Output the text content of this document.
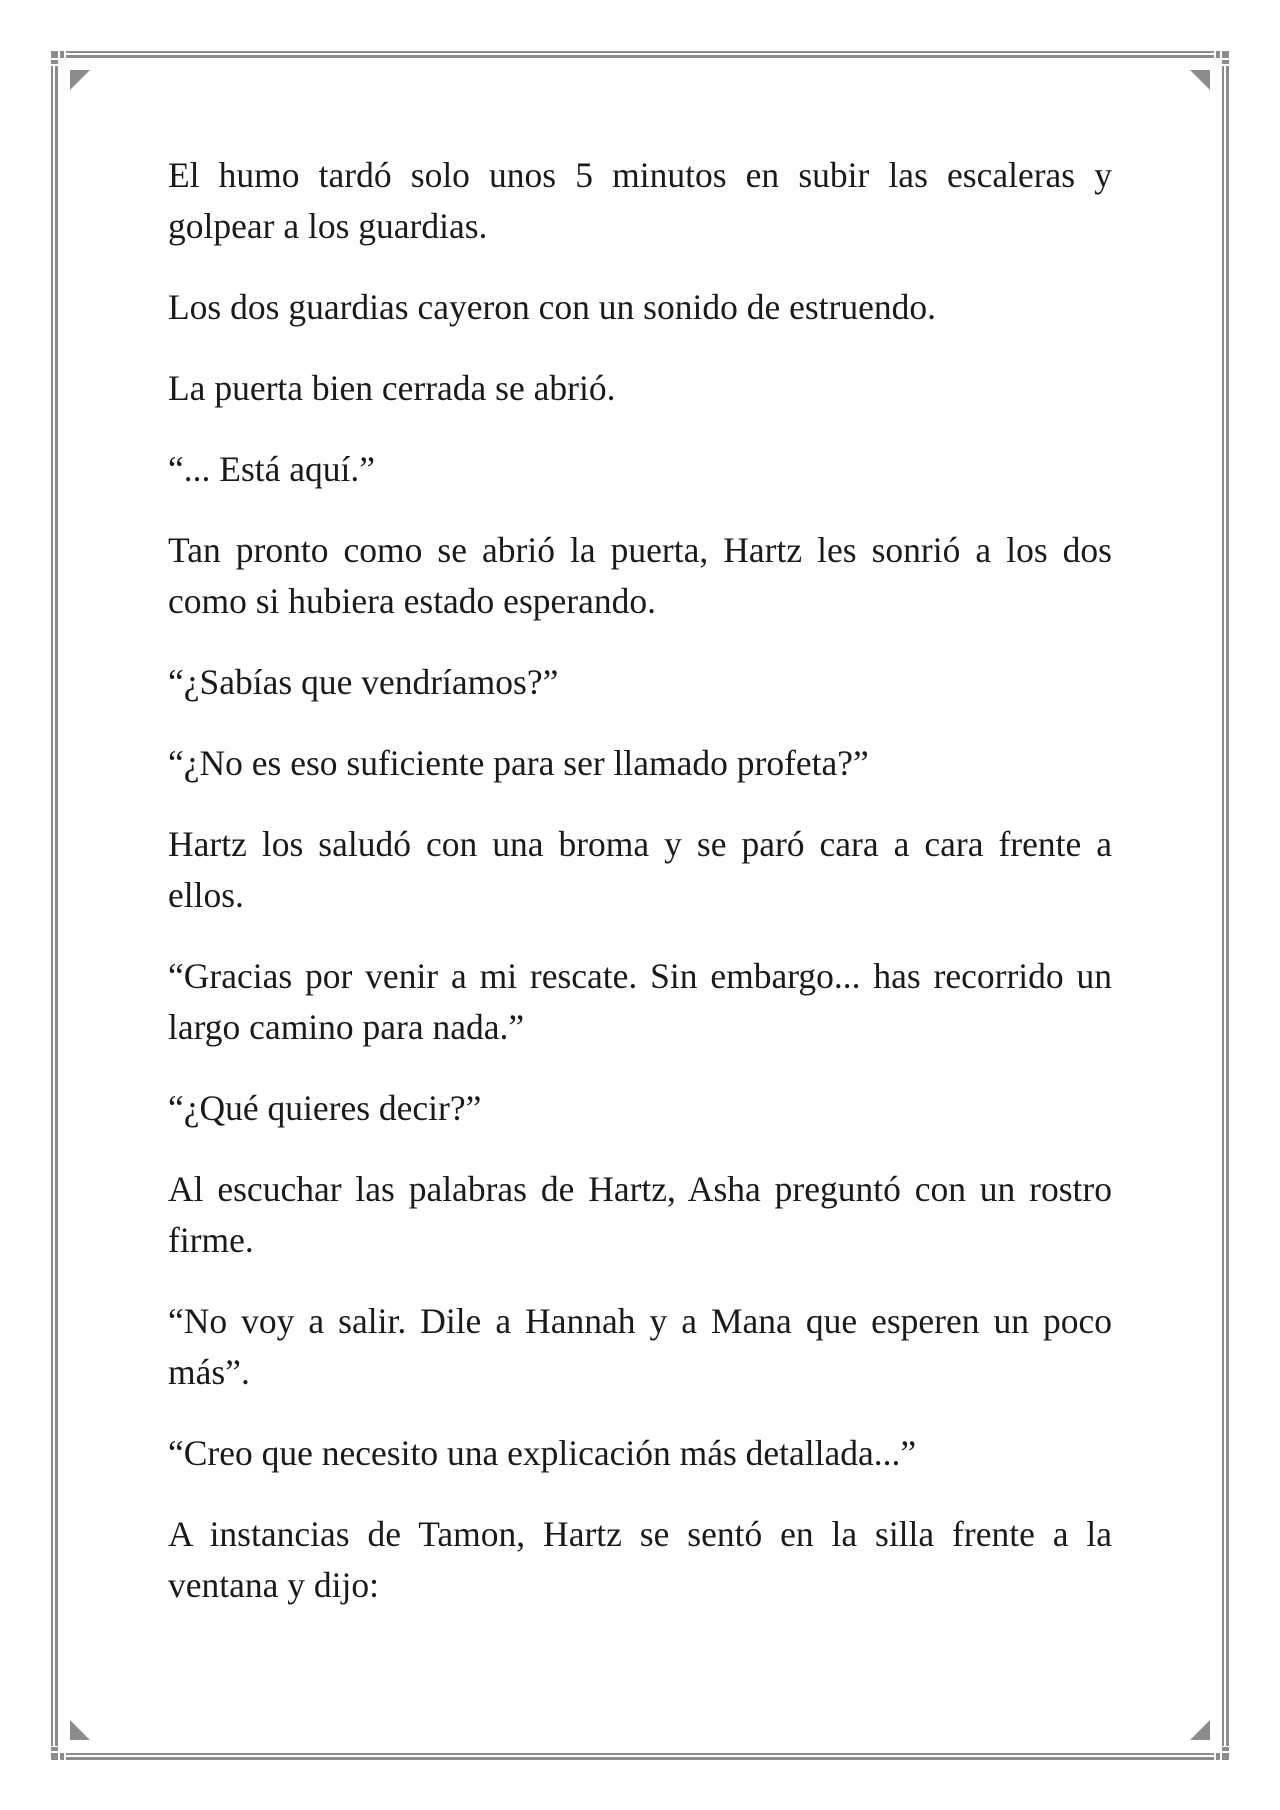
El humo tardó solo unos 5 minutos en subir las escaleras y golpear a los guardias.

Los dos guardias cayeron con un sonido de estruendo.

La puerta bien cerrada se abrió.

“... Está aquí.”

Tan pronto como se abrió la puerta, Hartz les sonrió a los dos como si hubiera estado esperando.

“¿Sabías que vendríamos?”

“¿No es eso suficiente para ser llamado profeta?”

Hartz los saludó con una broma y se paró cara a cara frente a ellos.

“Gracias por venir a mi rescate. Sin embargo... has recorrido un largo camino para nada.”

“¿Qué quieres decir?”

Al escuchar las palabras de Hartz, Asha preguntó con un rostro firme.

“No voy a salir. Dile a Hannah y a Mana que esperen un poco más”.

“Creo que necesito una explicación más detallada...”

A instancias de Tamon, Hartz se sentó en la silla frente a la ventana y dijo:
